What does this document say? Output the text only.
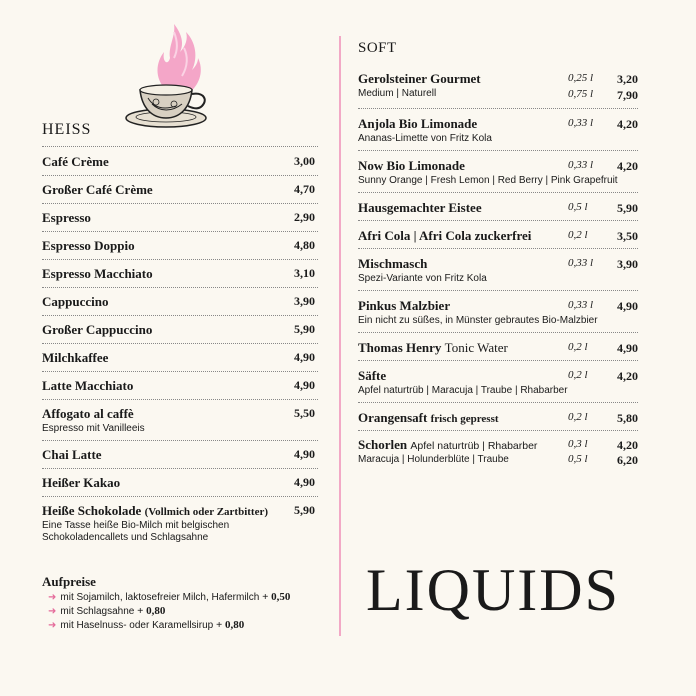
HEISS
Café Crème	3,00
Großer Café Crème	4,70
Espresso	2,90
Espresso Doppio	4,80
Espresso Macchiato	3,10
Cappuccino	3,90
Großer Cappuccino	5,90
Milchkaffee	4,90
Latte Macchiato	4,90
Affogato al caffè	5,50
Espresso mit Vanilleeis
Chai Latte	4,90
Heißer Kakao	4,90
Heiße Schokolade (Vollmich oder Zartbitter)	5,90
Eine Tasse heiße Bio-Milch mit belgischen
Schokoladencallets und Schlagsahne
Aufpreise
➜ mit Sojamilch, laktosefreier Milch, Hafermilch + 0,50
➜ mit Schlagsahne + 0,80
➜ mit Haselnuss- oder Karamellsirup + 0,80
SOFT
Gerolsteiner Gourmet
Medium | Naturell
0,25 l 3,20
0,75 l 7,90
Anjola Bio Limonade
Ananas-Limette von Fritz Kola
0,33 l 4,20
Now Bio Limonade
Sunny Orange | Fresh Lemon | Red Berry | Pink Grapefruit
0,33 l 4,20
Hausgemachter Eistee	0,5 l 5,90
Afri Cola | Afri Cola zuckerfrei	0,2 l 3,50
Mischmasch
Spezi-Variante von Fritz Kola
0,33 l 3,90
Pinkus Malzbier
Ein nicht zu süßes, in Münster gebrautes Bio-Malzbier
0,33 l 4,90
Thomas Henry Tonic Water	0,2 l 4,90
Säfte
Apfel naturtrüb | Maracuja | Traube | Rhabarber
0,2 l 4,20
Orangensaft frisch gepresst	0,2 l 5,80
Schorlen Apfel naturtrüb | Rhabarber
Maracuja | Holunderblüte | Traube
0,3 l 4,20
0,5 l 6,20
LIQUIDS
